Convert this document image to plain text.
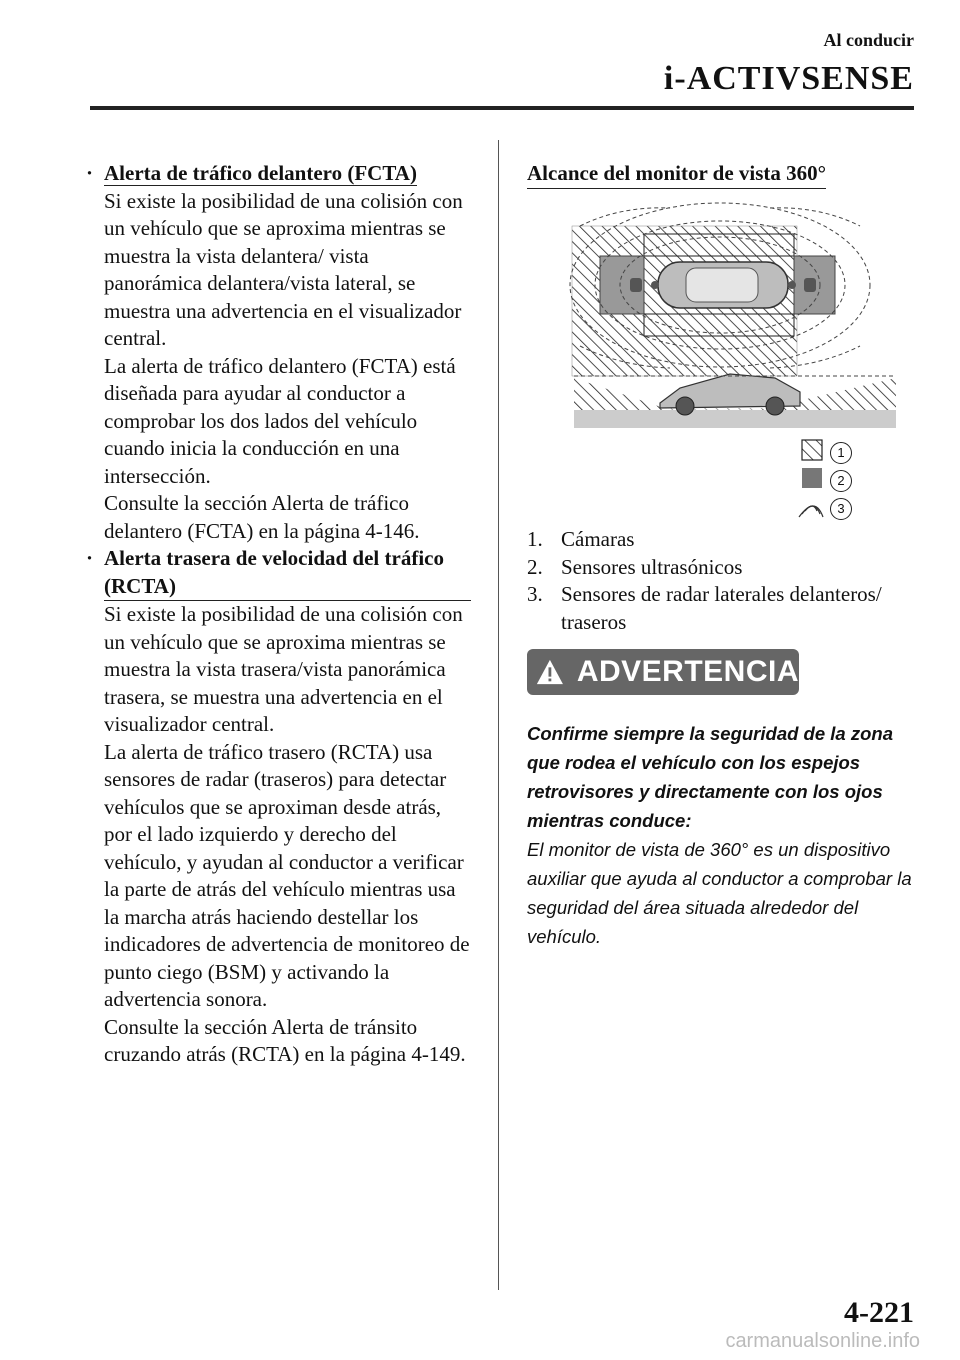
Al conducir
i-ACTIVSENSE
· Alerta de tráfico delantero (FCTA)

Si existe la posibilidad de una colisión con un vehículo que se aproxima mientras se muestra la vista delantera/ vista panorámica delantera/vista lateral, se muestra una advertencia en el visualizador central.

La alerta de tráfico delantero (FCTA) está diseñada para ayudar al conductor a comprobar los dos lados del vehículo cuando inicia la conducción en una intersección.

Consulte la sección Alerta de tráfico delantero (FCTA) en la página 4-146.

· Alerta trasera de velocidad del tráfico (RCTA)

Si existe la posibilidad de una colisión con un vehículo que se aproxima mientras se muestra la vista trasera/vista panorámica trasera, se muestra una advertencia en el visualizador central.

La alerta de tráfico trasero (RCTA) usa sensores de radar (traseros) para detectar vehículos que se aproximan desde atrás, por el lado izquierdo y derecho del vehículo, y ayudan al conductor a verificar la parte de atrás del vehículo mientras usa la marcha atrás haciendo destellar los indicadores de advertencia de monitoreo de punto ciego (BSM) y activando la advertencia sonora.

Consulte la sección Alerta de tránsito cruzando atrás (RCTA) en la página 4-149.

Alcance del monitor de vista 360°
1
2
3
1. Cámaras
2. Sensores ultrasónicos
3. Sensores de radar laterales delanteros/ traseros
ADVERTENCIA
Confirme siempre la seguridad de la zona que rodea el vehículo con los espejos retrovisores y directamente con los ojos mientras conduce:
El monitor de vista de 360° es un dispositivo auxiliar que ayuda al conductor a comprobar la seguridad del área situada alrededor del vehículo.
4-221
carmanualsonline.info
